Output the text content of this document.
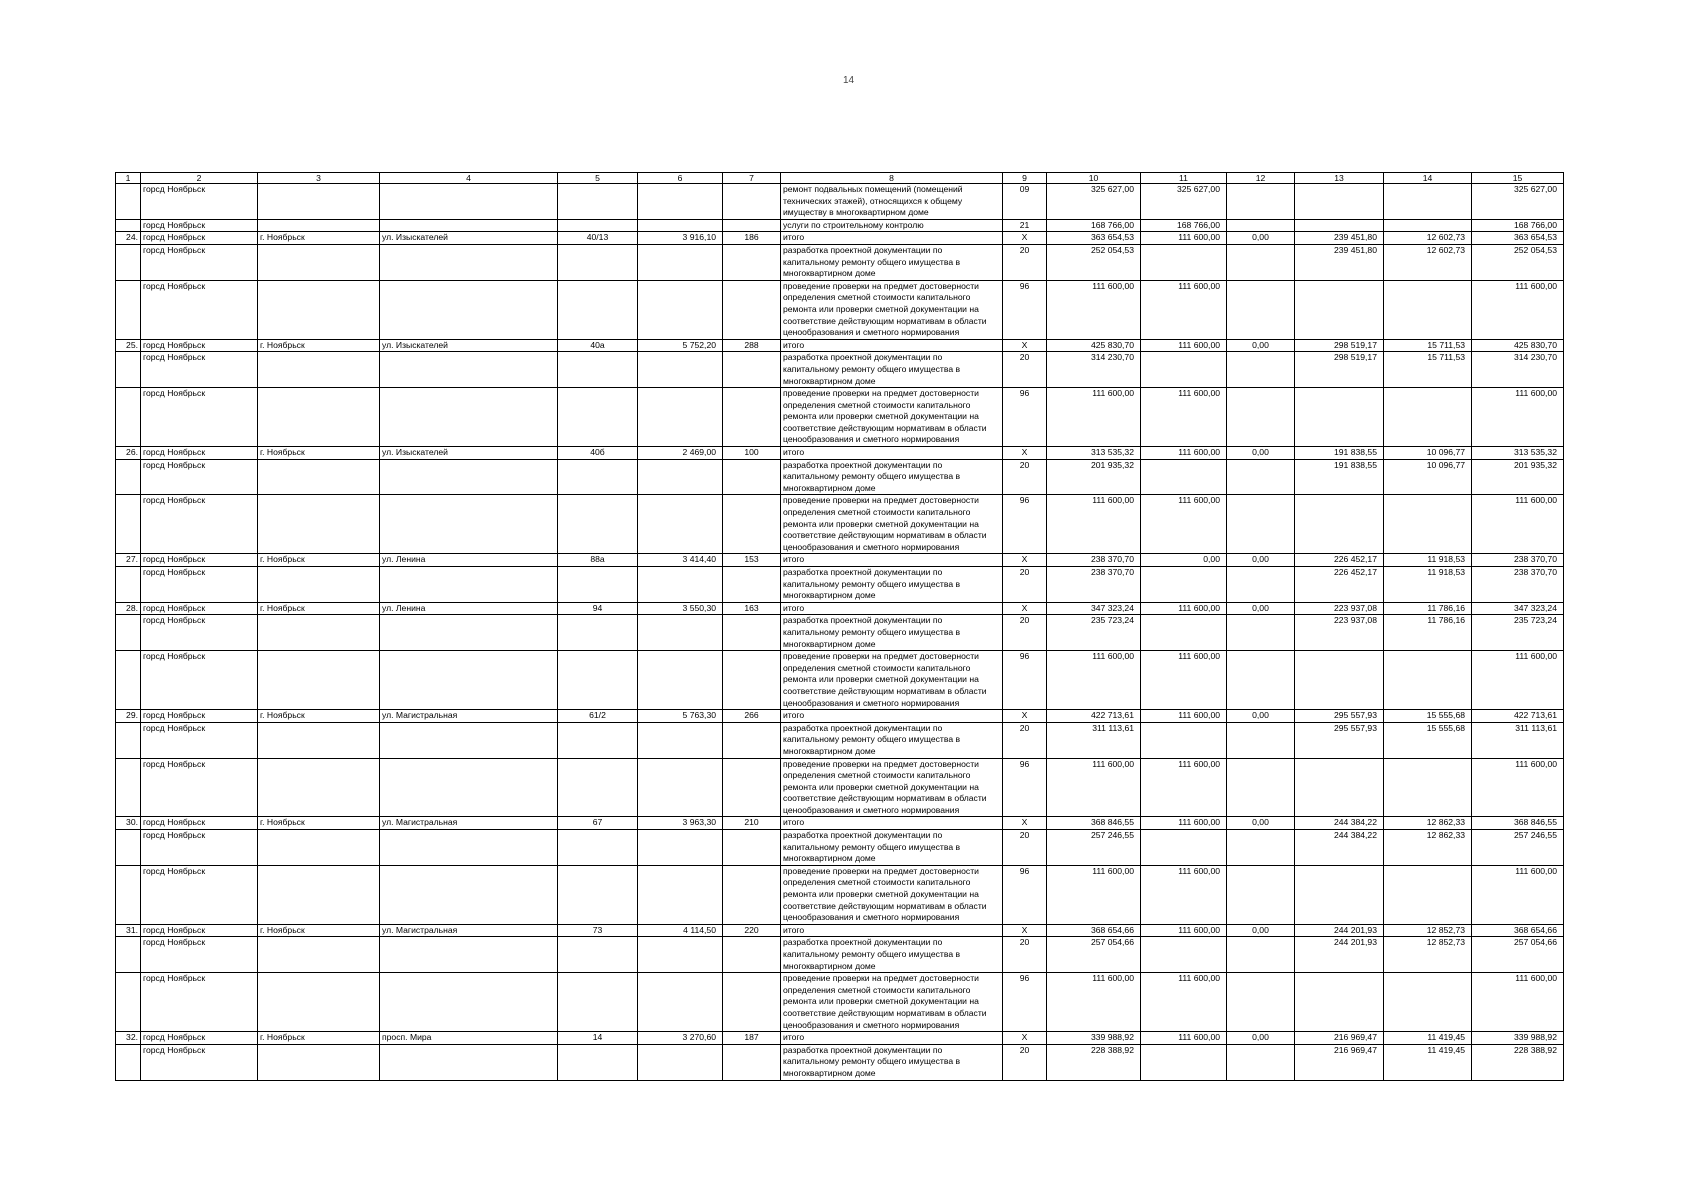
14
1	2	3	4	5	6	7	8	9	10	11	12	13	14	15
	горсд Ноябрьск						ремонт подвальных помещений (помещений технических этажей), относящихся к общему имуществу в многоквартирном доме	09	325 627,00	325 627,00				325 627,00
	горсд Ноябрьск						услуги по строительному контролю	21	168 766,00	168 766,00				168 766,00
24.	горсд Ноябрьск	г. Ноябрьск	ул. Изыскателей	40/13	3 916,10	186	итого	X	363 654,53	111 600,00	0,00	239 451,80	12 602,73	363 654,53
	горсд Ноябрьск						разработка проектной документации по капитальному ремонту общего имущества в многоквартирном доме	20	252 054,53			239 451,80	12 602,73	252 054,53
	горсд Ноябрьск						проведение проверки на предмет достоверности определения сметной стоимости капитального ремонта или проверки сметной документации на соответствие действующим нормативам в области ценообразования и сметного нормирования	96	111 600,00	111 600,00				111 600,00
25.	горсд Ноябрьск	г. Ноябрьск	ул. Изыскателей	40а	5 752,20	288	итого	X	425 830,70	111 600,00	0,00	298 519,17	15 711,53	425 830,70
	горсд Ноябрьск						разработка проектной документации по капитальному ремонту общего имущества в многоквартирном доме	20	314 230,70			298 519,17	15 711,53	314 230,70
	горсд Ноябрьск						проведение проверки на предмет достоверности определения сметной стоимости капитального ремонта или проверки сметной документации на соответствие действующим нормативам в области ценообразования и сметного нормирования	96	111 600,00	111 600,00				111 600,00
26.	горсд Ноябрьск	г. Ноябрьск	ул. Изыскателей	40б	2 469,00	100	итого	X	313 535,32	111 600,00	0,00	191 838,55	10 096,77	313 535,32
	горсд Ноябрьск						разработка проектной документации по капитальному ремонту общего имущества в многоквартирном доме	20	201 935,32			191 838,55	10 096,77	201 935,32
	горсд Ноябрьск						проведение проверки на предмет достоверности определения сметной стоимости капитального ремонта или проверки сметной документации на соответствие действующим нормативам в области ценообразования и сметного нормирования	96	111 600,00	111 600,00				111 600,00
27.	горсд Ноябрьск	г. Ноябрьск	ул. Ленина	88а	3 414,40	153	итого	X	238 370,70	0,00	0,00	226 452,17	11 918,53	238 370,70
	горсд Ноябрьск						разработка проектной документации по капитальному ремонту общего имущества в многоквартирном доме	20	238 370,70			226 452,17	11 918,53	238 370,70
28.	горсд Ноябрьск	г. Ноябрьск	ул. Ленина	94	3 550,30	163	итого	X	347 323,24	111 600,00	0,00	223 937,08	11 786,16	347 323,24
	горсд Ноябрьск						разработка проектной документации по капитальному ремонту общего имущества в многоквартирном доме	20	235 723,24			223 937,08	11 786,16	235 723,24
	горсд Ноябрьск						проведение проверки на предмет достоверности определения сметной стоимости капитального ремонта или проверки сметной документации на соответствие действующим нормативам в области ценообразования и сметного нормирования	96	111 600,00	111 600,00				111 600,00
29.	горсд Ноябрьск	г. Ноябрьск	ул. Магистральная	61/2	5 763,30	266	итого	X	422 713,61	111 600,00	0,00	295 557,93	15 555,68	422 713,61
	горсд Ноябрьск						разработка проектной документации по капитальному ремонту общего имущества в многоквартирном доме	20	311 113,61			295 557,93	15 555,68	311 113,61
	горсд Ноябрьск						проведение проверки на предмет достоверности определения сметной стоимости капитального ремонта или проверки сметной документации на соответствие действующим нормативам в области ценообразования и сметного нормирования	96	111 600,00	111 600,00				111 600,00
30.	горсд Ноябрьск	г. Ноябрьск	ул. Магистральная	67	3 963,30	210	итого	X	368 846,55	111 600,00	0,00	244 384,22	12 862,33	368 846,55
	горсд Ноябрьск						разработка проектной документации по капитальному ремонту общего имущества в многоквартирном доме	20	257 246,55			244 384,22	12 862,33	257 246,55
	горсд Ноябрьск						проведение проверки на предмет достоверности определения сметной стоимости капитального ремонта или проверки сметной документации на соответствие действующим нормативам в области ценообразования и сметного нормирования	96	111 600,00	111 600,00				111 600,00
31.	горсд Ноябрьск	г. Ноябрьск	ул. Магистральная	73	4 114,50	220	итого	X	368 654,66	111 600,00	0,00	244 201,93	12 852,73	368 654,66
	горсд Ноябрьск						разработка проектной документации по капитальному ремонту общего имущества в многоквартирном доме	20	257 054,66			244 201,93	12 852,73	257 054,66
	горсд Ноябрьск						проведение проверки на предмет достоверности определения сметной стоимости капитального ремонта или проверки сметной документации на соответствие действующим нормативам в области ценообразования и сметного нормирования	96	111 600,00	111 600,00				111 600,00
32.	горсд Ноябрьск	г. Ноябрьск	просп. Мира	14	3 270,60	187	итого	X	339 988,92	111 600,00	0,00	216 969,47	11 419,45	339 988,92
	горсд Ноябрьск						разработка проектной документации по капитальному ремонту общего имущества в многоквартирном доме	20	228 388,92			216 969,47	11 419,45	228 388,92
